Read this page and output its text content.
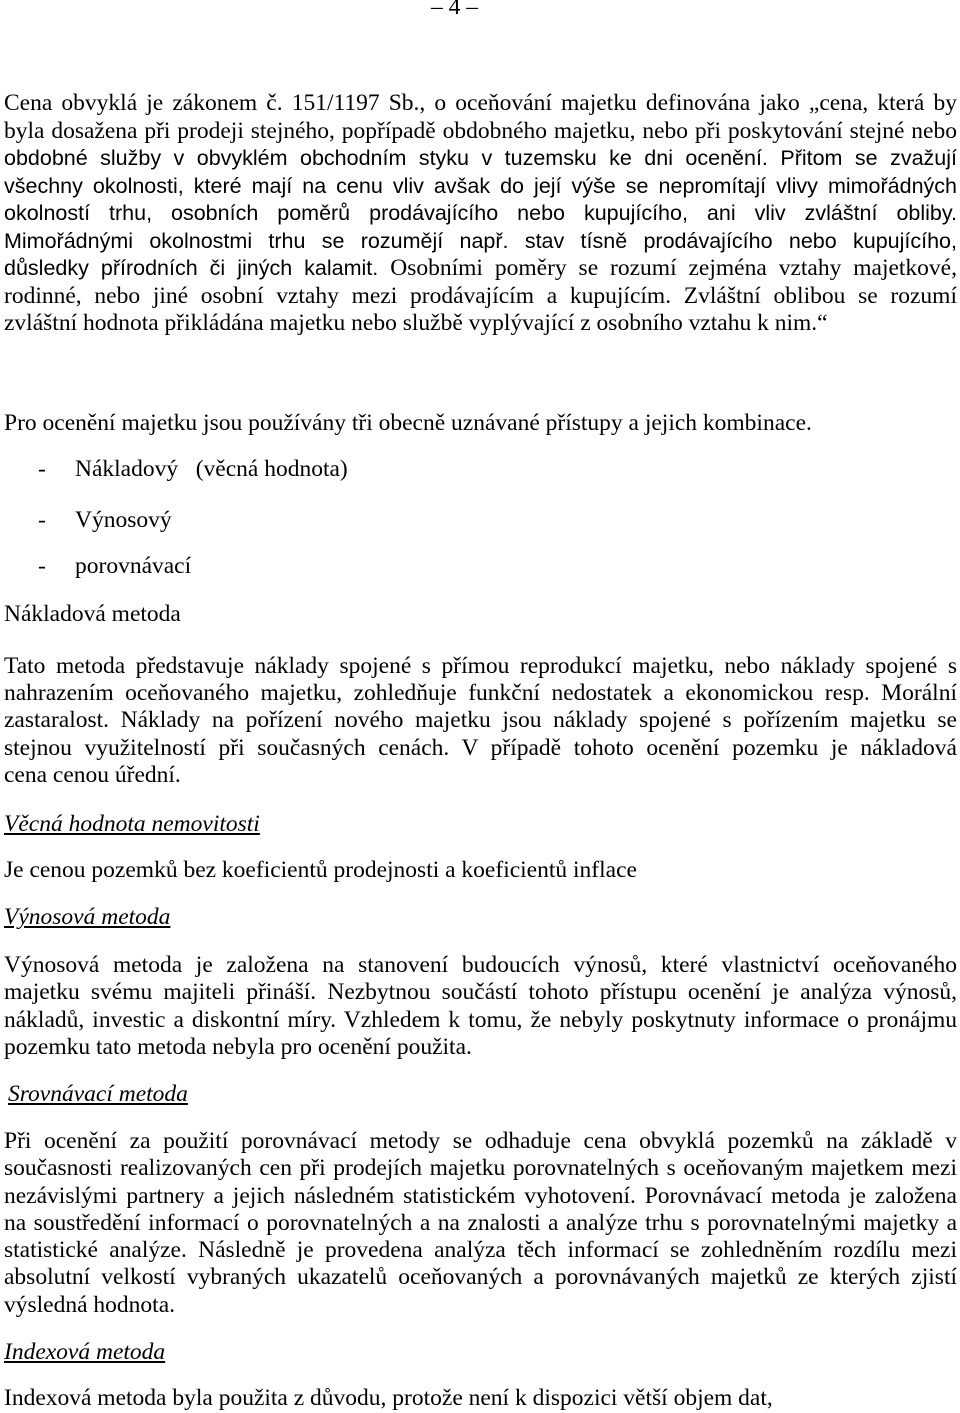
– 4 –
Cena obvyklá je zákonem č. 151/1197 Sb., o oceňování majetku definována jako „cena, která by
byla dosažena při prodeji stejného, popřípadě obdobného majetku, nebo při poskytování stejné nebo
obdobné služby v obvyklém obchodním styku v tuzemsku ke dni ocenění. Přitom se zvažují
všechny okolnosti, které mají na cenu vliv avšak do její výše se nepromítají vlivy mimořádných
okolností trhu, osobních poměrů prodávajícího nebo kupujícího, ani vliv zvláštní obliby.
Mimořádnými okolnostmi trhu se rozumějí např. stav tísně prodávajícího nebo kupujícího,
důsledky přírodních či jiných kalamit. Osobními poměry se rozumí zejména vztahy majetkové,
rodinné, nebo jiné osobní vztahy mezi prodávajícím a kupujícím. Zvláštní oblibou se rozumí
zvláštní hodnota přikládána majetku nebo službě vyplývající z osobního vztahu k nim.“
Pro ocenění majetku jsou používány tři obecně uznávané přístupy a jejich kombinace.
- Nákladový   (věcná hodnota)
- Výnosový
- porovnávací
Nákladová metoda
Tato metoda představuje náklady spojené s přímou reprodukcí majetku, nebo náklady spojené s
nahrazením oceňovaného majetku, zohledňuje funkční nedostatek a ekonomickou resp. Morální
zastaralost. Náklady na pořízení nového majetku jsou náklady spojené s pořízením majetku se
stejnou využitelností při současných cenách. V případě tohoto ocenění pozemku je nákladová
cena cenou úřední.
Věcná hodnota nemovitosti
Je cenou pozemků bez koeficientů prodejnosti a koeficientů inflace
Výnosová metoda
Výnosová metoda je založena na stanovení budoucích výnosů, které vlastnictví oceňovaného
majetku svému majiteli přináší. Nezbytnou součástí tohoto přístupu ocenění je analýza výnosů,
nákladů, investic a diskontní míry. Vzhledem k tomu, že nebyly poskytnuty informace o pronájmu
pozemku tato metoda nebyla pro ocenění použita.
Srovnávací metoda
Při ocenění za použití porovnávací metody se odhaduje cena obvyklá pozemků na základě v
současnosti realizovaných cen při prodejích majetku porovnatelných s oceňovaným majetkem mezi
nezávislými partnery a jejich následném statistickém vyhotovení. Porovnávací metoda je založena
na soustředění informací o porovnatelných a na znalosti a analýze trhu s porovnatelnými majetky a
statistické analýze. Následně je provedena analýza těch informací se zohledněním rozdílu mezi
absolutní velkostí vybraných ukazatelů oceňovaných a porovnávaných majetků ze kterých zjistí
výsledná hodnota.
Indexová metoda
Indexová metoda byla použita z důvodu, protože není k dispozici větší objem dat,
